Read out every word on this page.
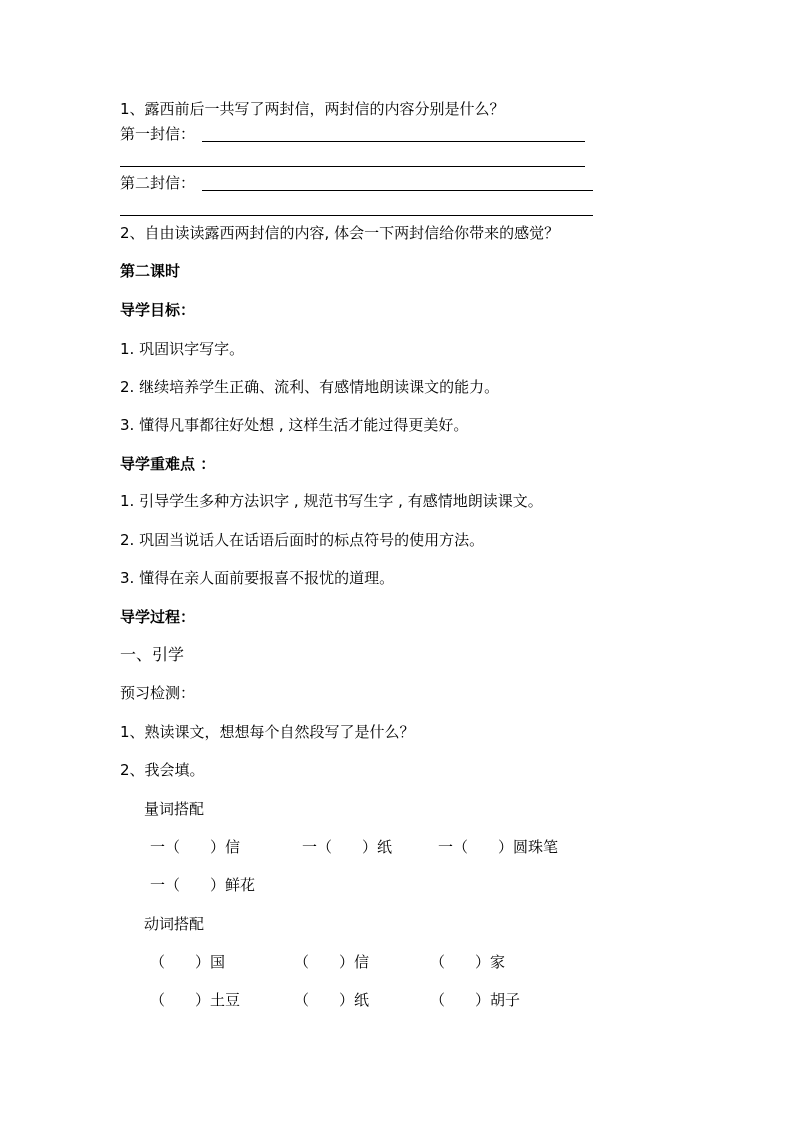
1、露西前后一共写了两封信，两封信的内容分别是什么？
第一封信：
第二封信：
2、自由读读露西两封信的内容, 体会一下两封信给你带来的感觉？
第二课时
导学目标：
1. 巩固识字写字。
2. 继续培养学生正确、流利、有感情地朗读课文的能力。
3. 懂得凡事都往好处想 , 这样生活才能过得更美好。
导学重难点 ：
1. 引导学生多种方法识字 , 规范书写生字 , 有感情地朗读课文。
2. 巩固当说话人在话语后面时的标点符号的使用方法。
3. 懂得在亲人面前要报喜不报忧的道理。
导学过程：
一、引学
预习检测：
1、熟读课文，想想每个自然段写了是什么？
2、我会填。
量词搭配
一（　　）信	一（　　）纸	一（　　）圆珠笔
一（　　）鲜花
动词搭配
（　　）国	（　　）信	（　　）家
（　　）土豆	（　　）纸	（　　）胡子
